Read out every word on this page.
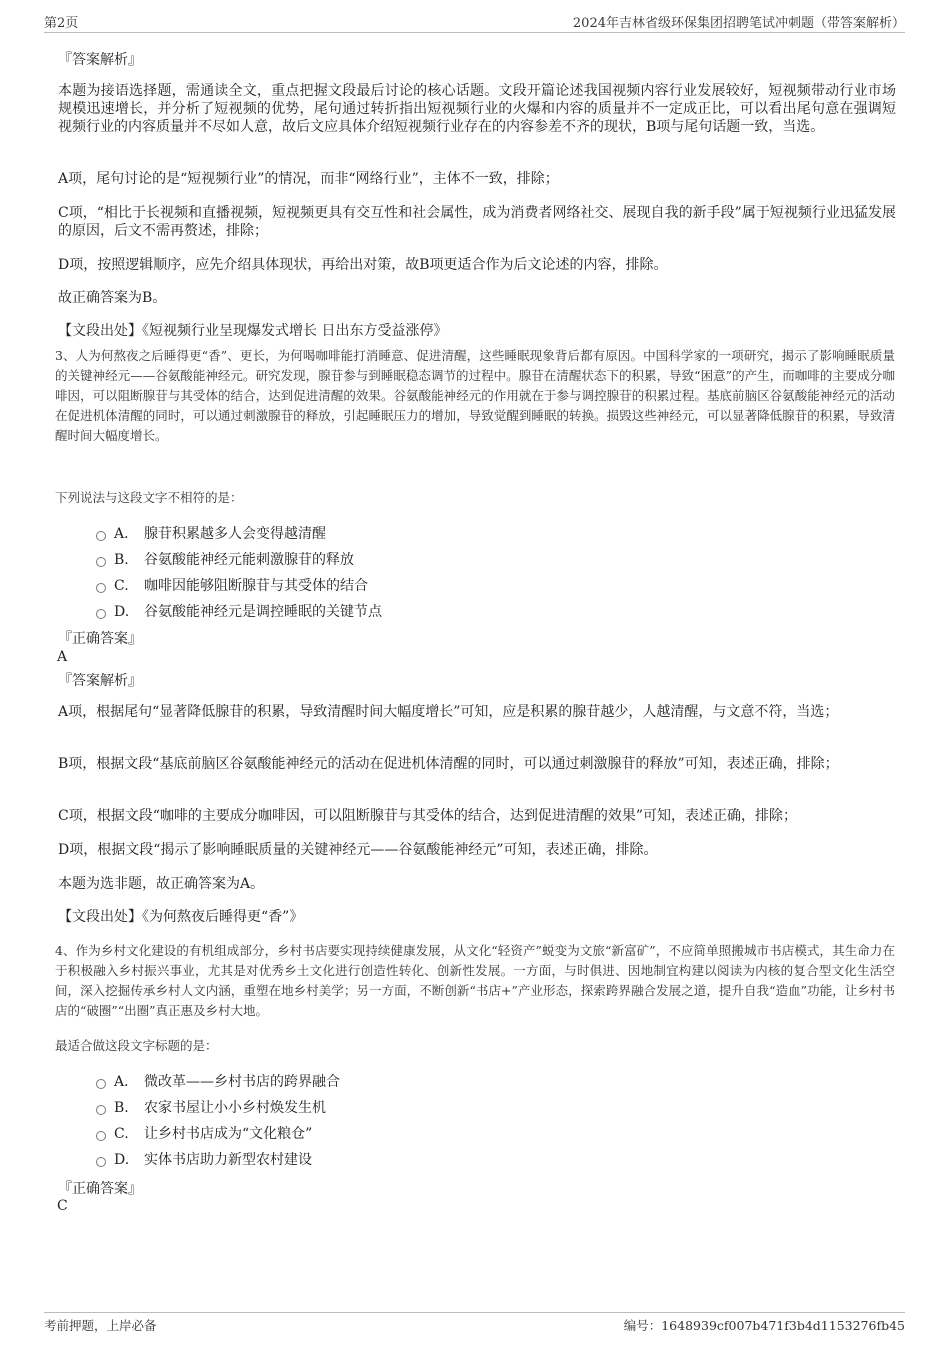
第2页	2024年吉林省级环保集团招聘笔试冲刺题（带答案解析）
『答案解析』
本题为接语选择题，需通读全文，重点把握文段最后讨论的核心话题。文段开篇论述我国视频内容行业发展较好，短视频带动行业市场规模迅速增长，并分析了短视频的优势，尾句通过转折指出短视频行业的火爆和内容的质量并不一定成正比，可以看出尾句意在强调短视频行业的内容质量并不尽如人意，故后文应具体介绍短视频行业存在的内容参差不齐的现状，B项与尾句话题一致，当选。
A项，尾句讨论的是“短视频行业”的情况，而非“网络行业”，主体不一致，排除；
C项，“相比于长视频和直播视频，短视频更具有交互性和社会属性，成为消费者网络社交、展现自我的新手段”属于短视频行业迅猛发展的原因，后文不需再赘述，排除；
D项，按照逻辑顺序，应先介绍具体现状，再给出对策，故B项更适合作为后文论述的内容，排除。
故正确答案为B。
【文段出处】《短视频行业呈现爆发式增长 日出东方受益涨停》
3、人为何熬夜之后睡得更“香”、更长，为何喝咖啡能打消睡意、促进清醒，这些睡眠现象背后都有原因。中国科学家的一项研究，揭示了影响睡眠质量的关键神经元——谷氨酸能神经元。研究发现，腺苷参与到睡眠稳态调节的过程中。腺苷在清醒状态下的积累，导致“困意”的产生，而咖啡的主要成分咖啡因，可以阻断腺苷与其受体的结合，达到促进清醒的效果。谷氨酸能神经元的作用就在于参与调控腺苷的积累过程。基底前脑区谷氨酸能神经元的活动在促进机体清醒的同时，可以通过刺激腺苷的释放，引起睡眠压力的增加，导致觉醒到睡眠的转换。损毁这些神经元，可以显著降低腺苷的积累，导致清醒时间大幅度增长。
下列说法与这段文字不相符的是：
A． 腺苷积累越多人会变得越清醒
B. 谷氨酸能神经元能刺激腺苷的释放
C. 咖啡因能够阻断腺苷与其受体的结合
D. 谷氨酸能神经元是调控睡眠的关键节点
『正确答案』
A
『答案解析』
A项，根据尾句“显著降低腺苷的积累，导致清醒时间大幅度增长”可知，应是积累的腺苷越少，人越清醒，与文意不符，当选；
B项，根据文段“基底前脑区谷氨酸能神经元的活动在促进机体清醒的同时，可以通过刺激腺苷的释放”可知，表述正确，排除；
C项，根据文段“咖啡的主要成分咖啡因，可以阻断腺苷与其受体的结合，达到促进清醒的效果”可知，表述正确，排除；
D项，根据文段“揭示了影响睡眠质量的关键神经元——谷氨酸能神经元”可知，表述正确，排除。
本题为选非题，故正确答案为A。
【文段出处】《为何熬夜后睡得更“香”》
4、作为乡村文化建设的有机组成部分，乡村书店要实现持续健康发展，从文化“轻资产”蜕变为文旅“新富矿”，不应简单照搬城市书店模式，其生命力在于积极融入乡村振兴事业，尤其是对优秀乡土文化进行创造性转化、创新性发展。一方面，与时俱进、因地制宜构建以阅读为内核的复合型文化生活空间，深入挖掘传承乡村人文内涵，重塑在地乡村美学；另一方面，不断创新“书店+”产业形态，探索跨界融合发展之道，提升自我“造血”功能，让乡村书店的“破圈”“出圈”真正惠及乡村大地。
最适合做这段文字标题的是：
A． 微改革——乡村书店的跨界融合
B. 农家书屋让小小乡村焕发生机
C. 让乡村书店成为“文化粮仓”
D. 实体书店助力新型农村建设
『正确答案』
C
考前押题，上岸必备	编号：1648939cf007b471f3b4d1153276fb45
